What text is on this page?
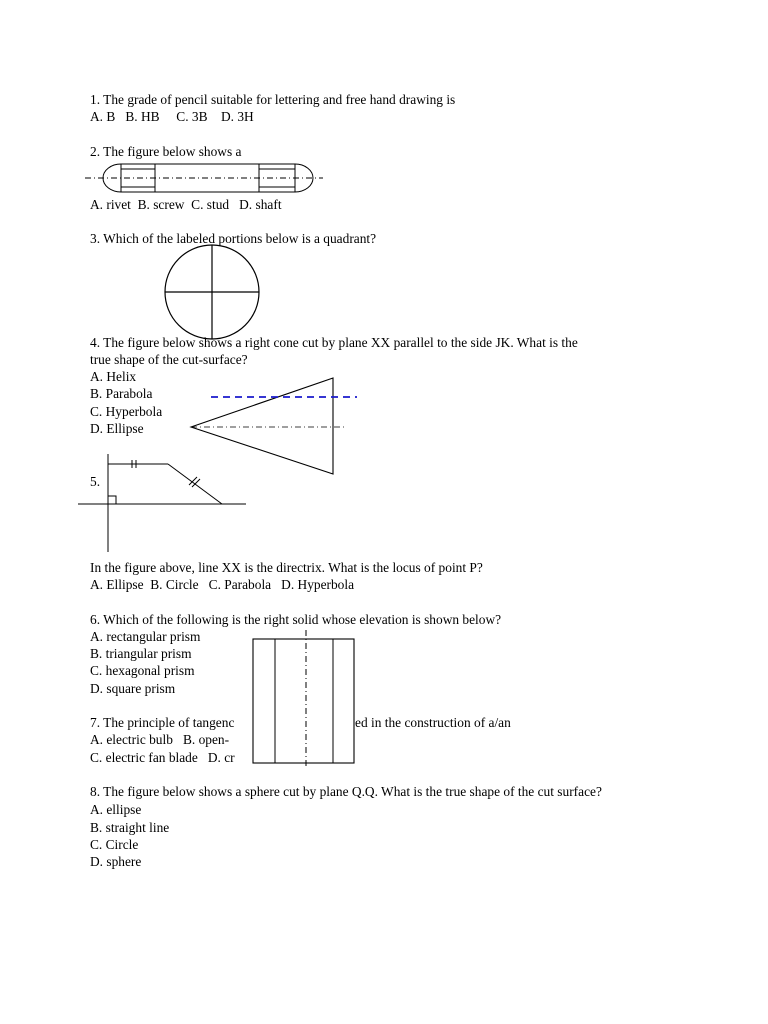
1. The grade of pencil suitable for lettering and free hand drawing is
A. B   B. HB     C. 3B    D. 3H
2. The figure below shows a
A. rivet  B. screw  C. stud   D. shaft
3. Which of the labeled portions below is a quadrant?
4. The figure below shows a right cone cut by plane XX parallel to the side JK. What is the
true shape of the cut-surface?
A. Helix
B. Parabola
C. Hyperbola
D. Ellipse
5.
In the figure above, line XX is the directrix. What is the locus of point P?
A. Ellipse  B. Circle   C. Parabola   D. Hyperbola
6. Which of the following is the right solid whose elevation is shown below?
A. rectangular prism
B. triangular prism
C. hexagonal prism
D. square prism
7. The principle of tangenc	ed in the construction of a/an
A. electric bulb   B. open-
C. electric fan blade   D. cr
8. The figure below shows a sphere cut by plane Q.Q. What is the true shape of the cut surface?
A. ellipse
B. straight line
C. Circle
D. sphere
